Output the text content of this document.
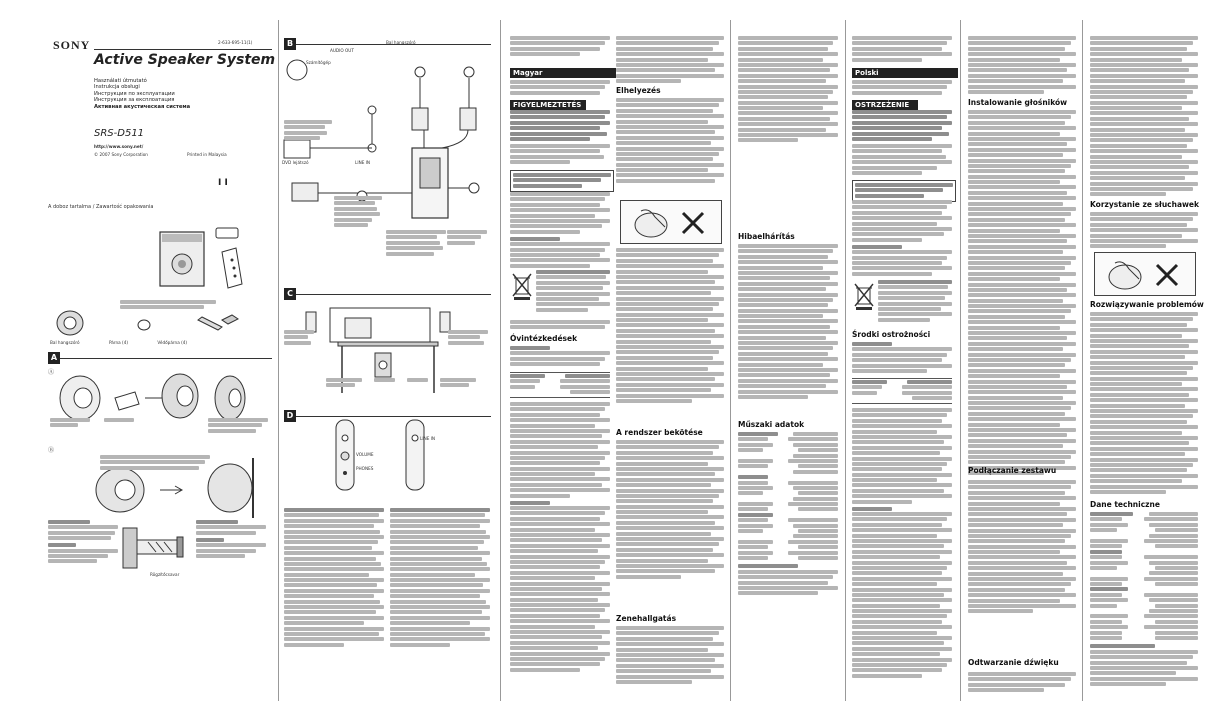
SONY	2-633-695-11(1)
Active Speaker System
Használati útmutató
Instrukcja obsługi
Инструкция по эксплуатации
Инструкция за експлоатация
Активная акустическая система
SRS-D511
http://www.sony.net/
© 2007 Sony Corporation	Printed in Malaysia
I I
A doboz tartalma / Zawartość opakowania
Bal hangszóró	Párna (4)	Védőpárna (4)
A
Ⓐ
Ⓑ
Rögzítőcsavar
B
Számítógép
Bal hangszóró
AUDIO OUT
DVD lejátszó	LINE IN
C
D
PHONES
VOLUME
LINE IN
Magyar
FIGYELMEZTETÉS
Óvintézkedések
Elhelyezés
A rendszer bekötése
Zenehallgatás
Hibaelhárítás
Műszaki adatok
Polski
OSTRZEŻENIE
Środki ostrożności
Instalowanie głośników
Podłączanie zestawu
Odtwarzanie dźwięku
Korzystanie ze słuchawek
Rozwiązywanie problemów
Dane techniczne
